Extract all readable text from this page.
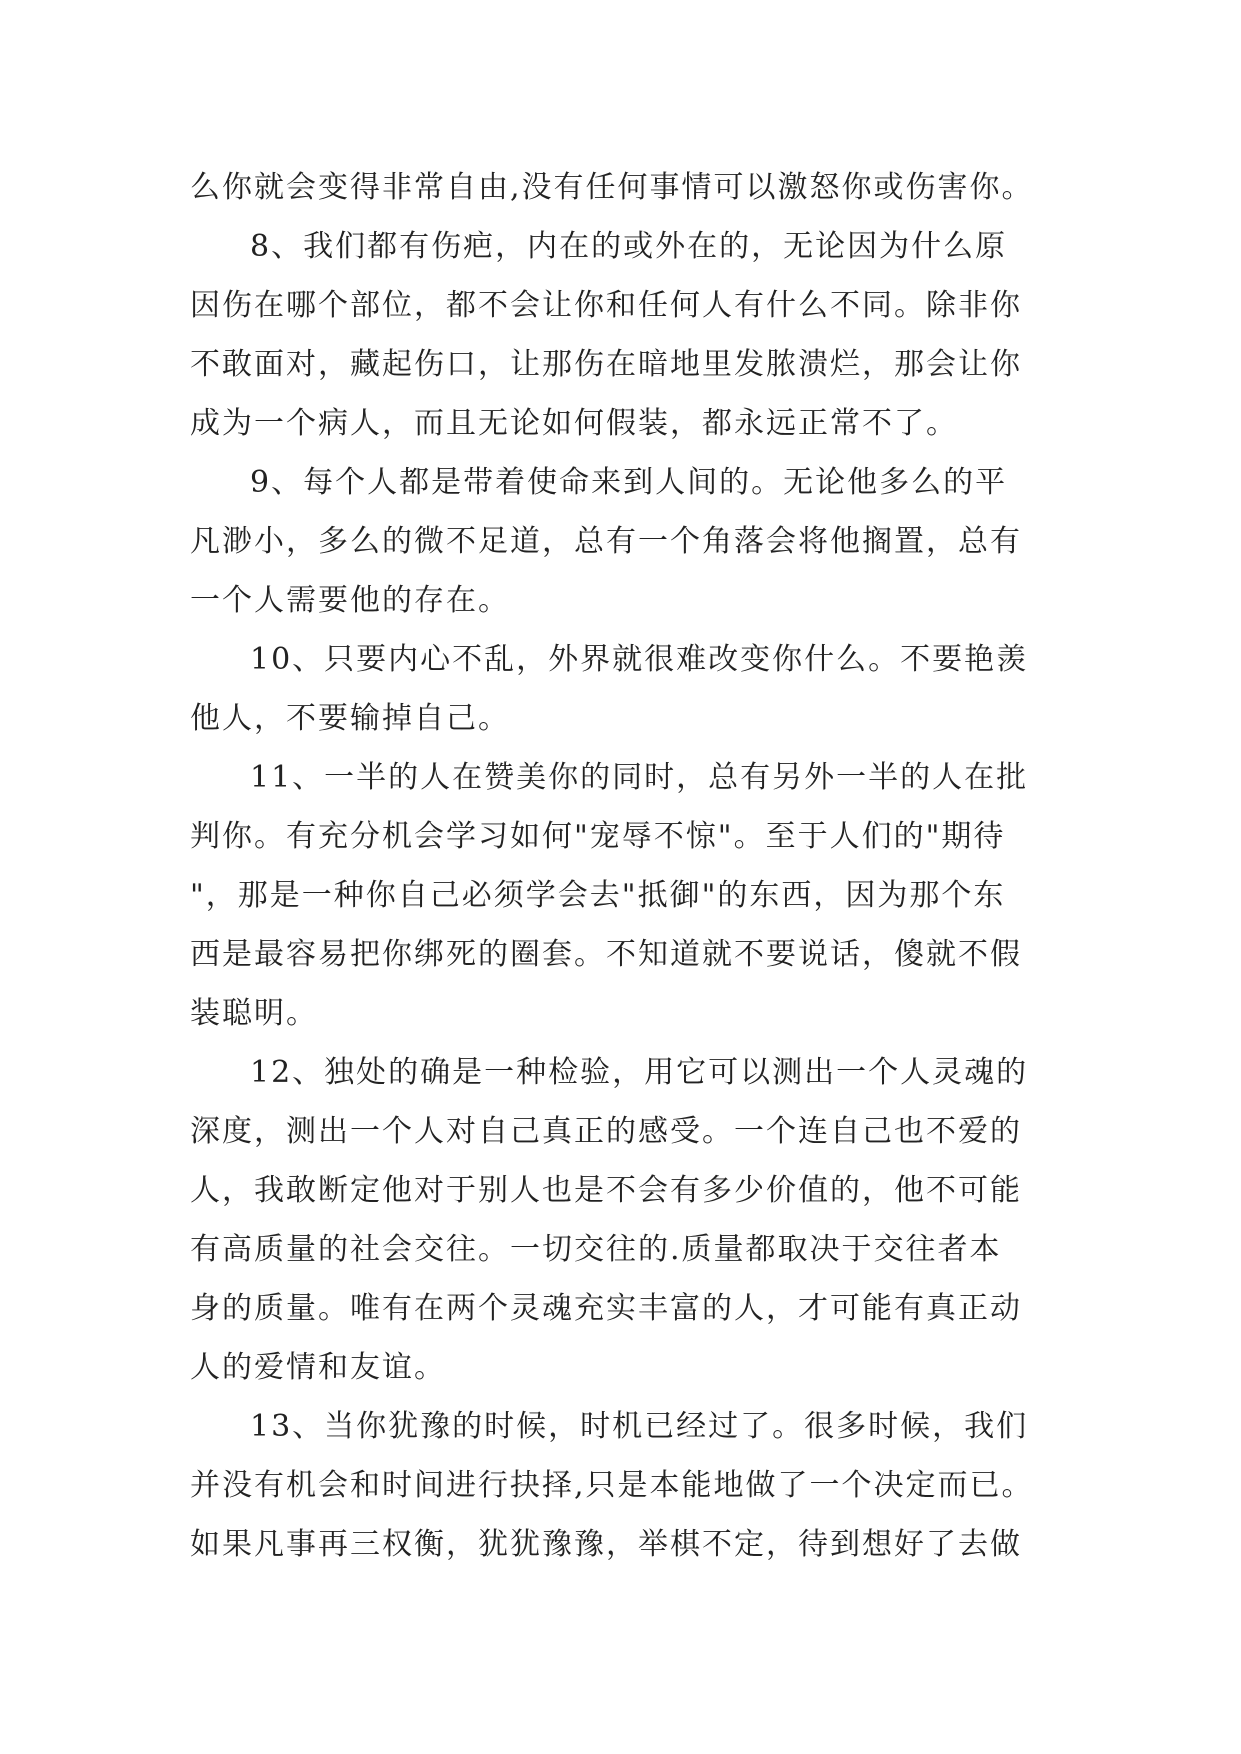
么你就会变得非常自由,没有任何事情可以激怒你或伤害你。
8、我们都有伤疤，内在的或外在的，无论因为什么原
因伤在哪个部位，都不会让你和任何人有什么不同。除非你
不敢面对，藏起伤口，让那伤在暗地里发脓溃烂，那会让你
成为一个病人，而且无论如何假装，都永远正常不了。
9、每个人都是带着使命来到人间的。无论他多么的平
凡渺小，多么的微不足道，总有一个角落会将他搁置，总有
一个人需要他的存在。
10、只要内心不乱，外界就很难改变你什么。不要艳羡
他人，不要输掉自己。
11、一半的人在赞美你的同时，总有另外一半的人在批
判你。有充分机会学习如何"宠辱不惊"。至于人们的"期待
"，那是一种你自己必须学会去"抵御"的东西，因为那个东
西是最容易把你绑死的圈套。不知道就不要说话，傻就不假
装聪明。
12、独处的确是一种检验，用它可以测出一个人灵魂的
深度，测出一个人对自己真正的感受。一个连自己也不爱的
人，我敢断定他对于别人也是不会有多少价值的，他不可能
有高质量的社会交往。一切交往的.质量都取决于交往者本
身的质量。唯有在两个灵魂充实丰富的人，才可能有真正动
人的爱情和友谊。
13、当你犹豫的时候，时机已经过了。很多时候，我们
并没有机会和时间进行抉择,只是本能地做了一个决定而已。
如果凡事再三权衡，犹犹豫豫，举棋不定，待到想好了去做
